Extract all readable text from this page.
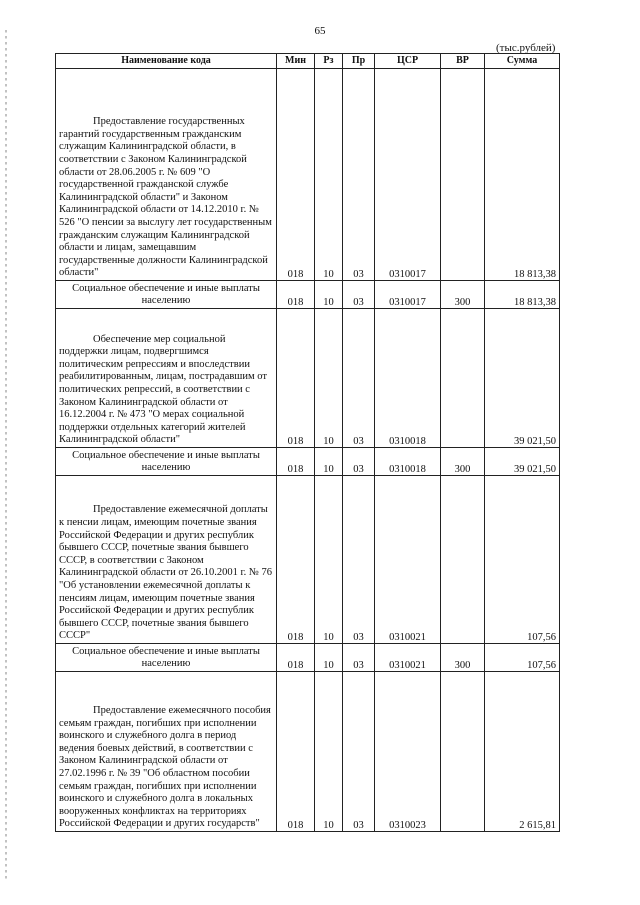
65
(тыс.рублей)
Наименование кода	Мин	Рз	Пр	ЦСР	ВР	Сумма
Предоставление государственных гарантий государственным гражданским служащим Калининградской области, в соответствии с Законом Калининградской области от 28.06.2005 г. № 609 "О государственной гражданской службе Калининградской области" и Законом Калининградской области от 14.12.2010 г. № 526 "О пенсии за выслугу лет государственным гражданским служащим Калининградской области и лицам, замещавшим государственные должности Калининградской области"	018	10	03	0310017		18 813,38
Социальное обеспечение и иные выплаты населению	018	10	03	0310017	300	18 813,38
Обеспечение мер социальной поддержки лицам, подвергшимся политическим репрессиям и впоследствии реабилитированным, лицам, пострадавшим от политических репрессий, в соответствии с Законом Калининградской области от 16.12.2004 г. № 473 "О мерах социальной поддержки отдельных категорий жителей Калининградской области"	018	10	03	0310018		39 021,50
Социальное обеспечение и иные выплаты населению	018	10	03	0310018	300	39 021,50
Предоставление ежемесячной доплаты к пенсии лицам, имеющим почетные звания Российской Федерации и других республик бывшего СССР, почетные звания бывшего СССР, в соответствии с Законом Калининградской области от 26.10.2001 г. № 76 "Об установлении ежемесячной доплаты к пенсиям лицам, имеющим почетные звания Российской Федерации и других республик бывшего СССР, почетные звания бывшего СССР"	018	10	03	0310021		107,56
Социальное обеспечение и иные выплаты населению	018	10	03	0310021	300	107,56
Предоставление ежемесячного пособия семьям граждан, погибших при исполнении воинского и служебного долга в период ведения боевых действий, в соответствии с Законом Калининградской области от 27.02.1996 г. № 39 "Об областном пособии семьям граждан, погибших при исполнении воинского и служебного долга в локальных вооруженных конфликтах на территориях Российской Федерации и других государств"	018	10	03	0310023		2 615,81
